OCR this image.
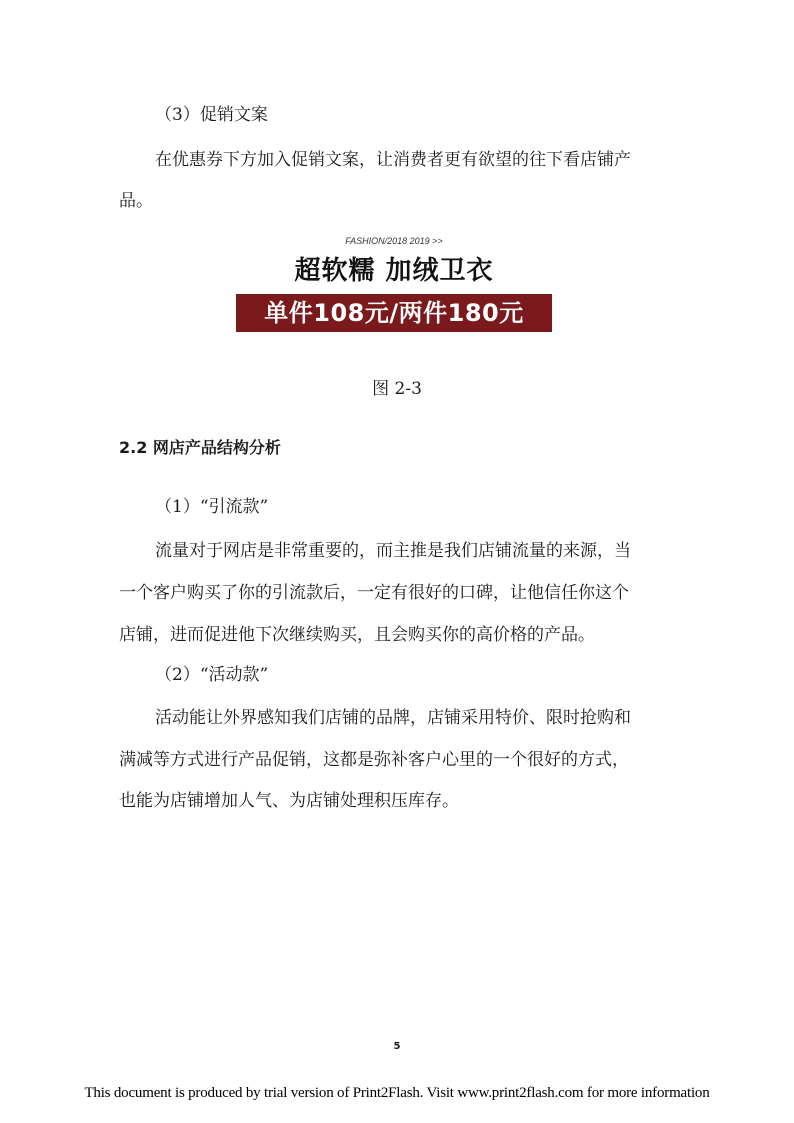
（3）促销文案

在优惠券下方加入促销文案，让消费者更有欲望的往下看店铺产

品。

FASHION/2018 2019 >>
超软糯 加绒卫衣
单件108元/两件180元
图 2-3

2.2 网店产品结构分析

（1）“引流款”

流量对于网店是非常重要的，而主推是我们店铺流量的来源，当

一个客户购买了你的引流款后，一定有很好的口碑，让他信任你这个

店铺，进而促进他下次继续购买，且会购买你的高价格的产品。

（2）“活动款”

活动能让外界感知我们店铺的品牌，店铺采用特价、限时抢购和

满减等方式进行产品促销，这都是弥补客户心里的一个很好的方式，

也能为店铺增加人气、为店铺处理积压库存。

5
This document is produced by trial version of Print2Flash. Visit www.print2flash.com for more information
